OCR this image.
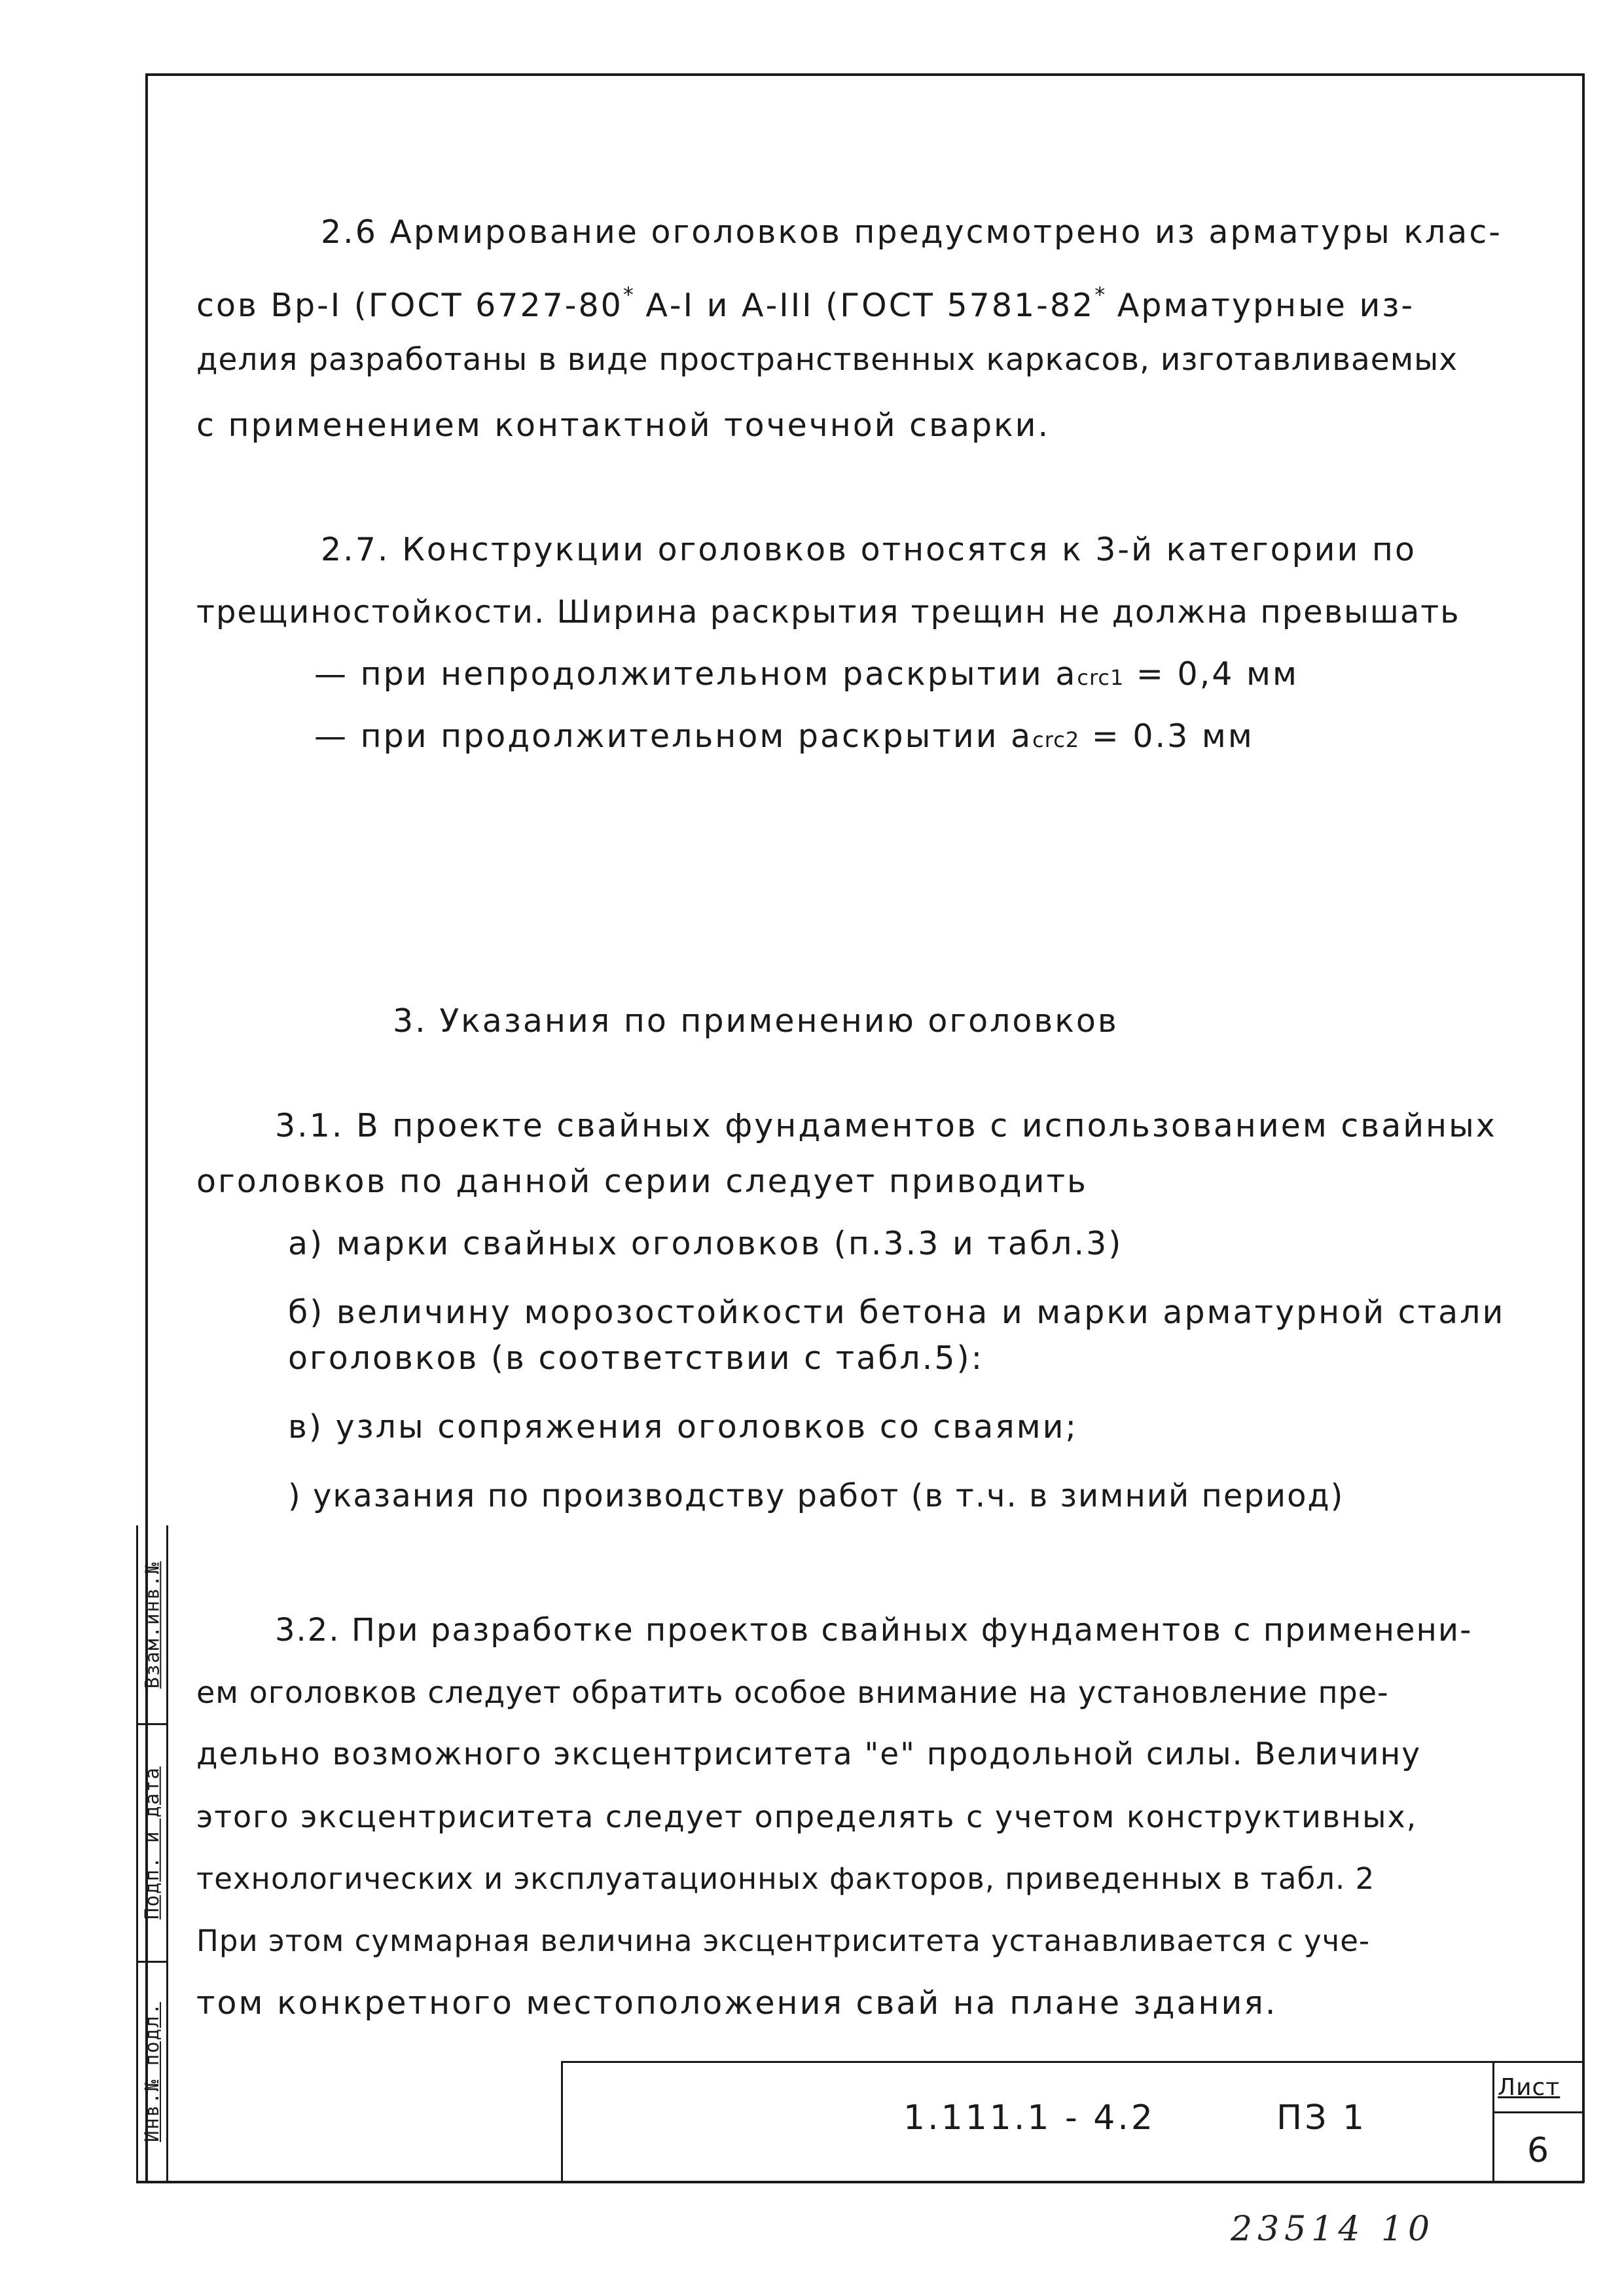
Взам.инв.№
Подп. и дата
Инв.№ подл.	1.111.1 - 4.2	ПЗ 1
Лист
6
23514 10
2.6 Армирование оголовков предусмотрено из арматуры клас-
сов Вр-I (ГОСТ 6727-80* А-I и А-III (ГОСТ 5781-82* Арматурные из-
делия разработаны в виде пространственных каркасов, изготавливаемых
с применением контактной точечной сварки.
2.7. Конструкции оголовков относятся к 3-й категории по
трещиностойкости. Ширина раскрытия трещин не должна превышать
— при непродолжительном раскрытии acrc1 = 0,4 мм
— при продолжительном раскрытии acrc2 = 0.3 мм
3. Указания по применению оголовков
3.1. В проекте свайных фундаментов с использованием свайных
оголовков по данной серии следует приводить
а) марки свайных оголовков (п.3.3 и табл.3)
б) величину морозостойкости бетона и марки арматурной стали
оголовков (в соответствии с табл.5):
в) узлы сопряжения оголовков со сваями;
) указания по производству работ (в т.ч. в зимний период)
3.2. При разработке проектов свайных фундаментов с применени-
ем оголовков следует обратить особое внимание на установление пре-
дельно возможного эксцентриситета "е" продольной силы. Величину
этого эксцентриситета следует определять с учетом конструктивных,
технологических и эксплуатационных факторов, приведенных в табл. 2
При этом суммарная величина эксцентриситета устанавливается с уче-
том конкретного местоположения свай на плане здания.
